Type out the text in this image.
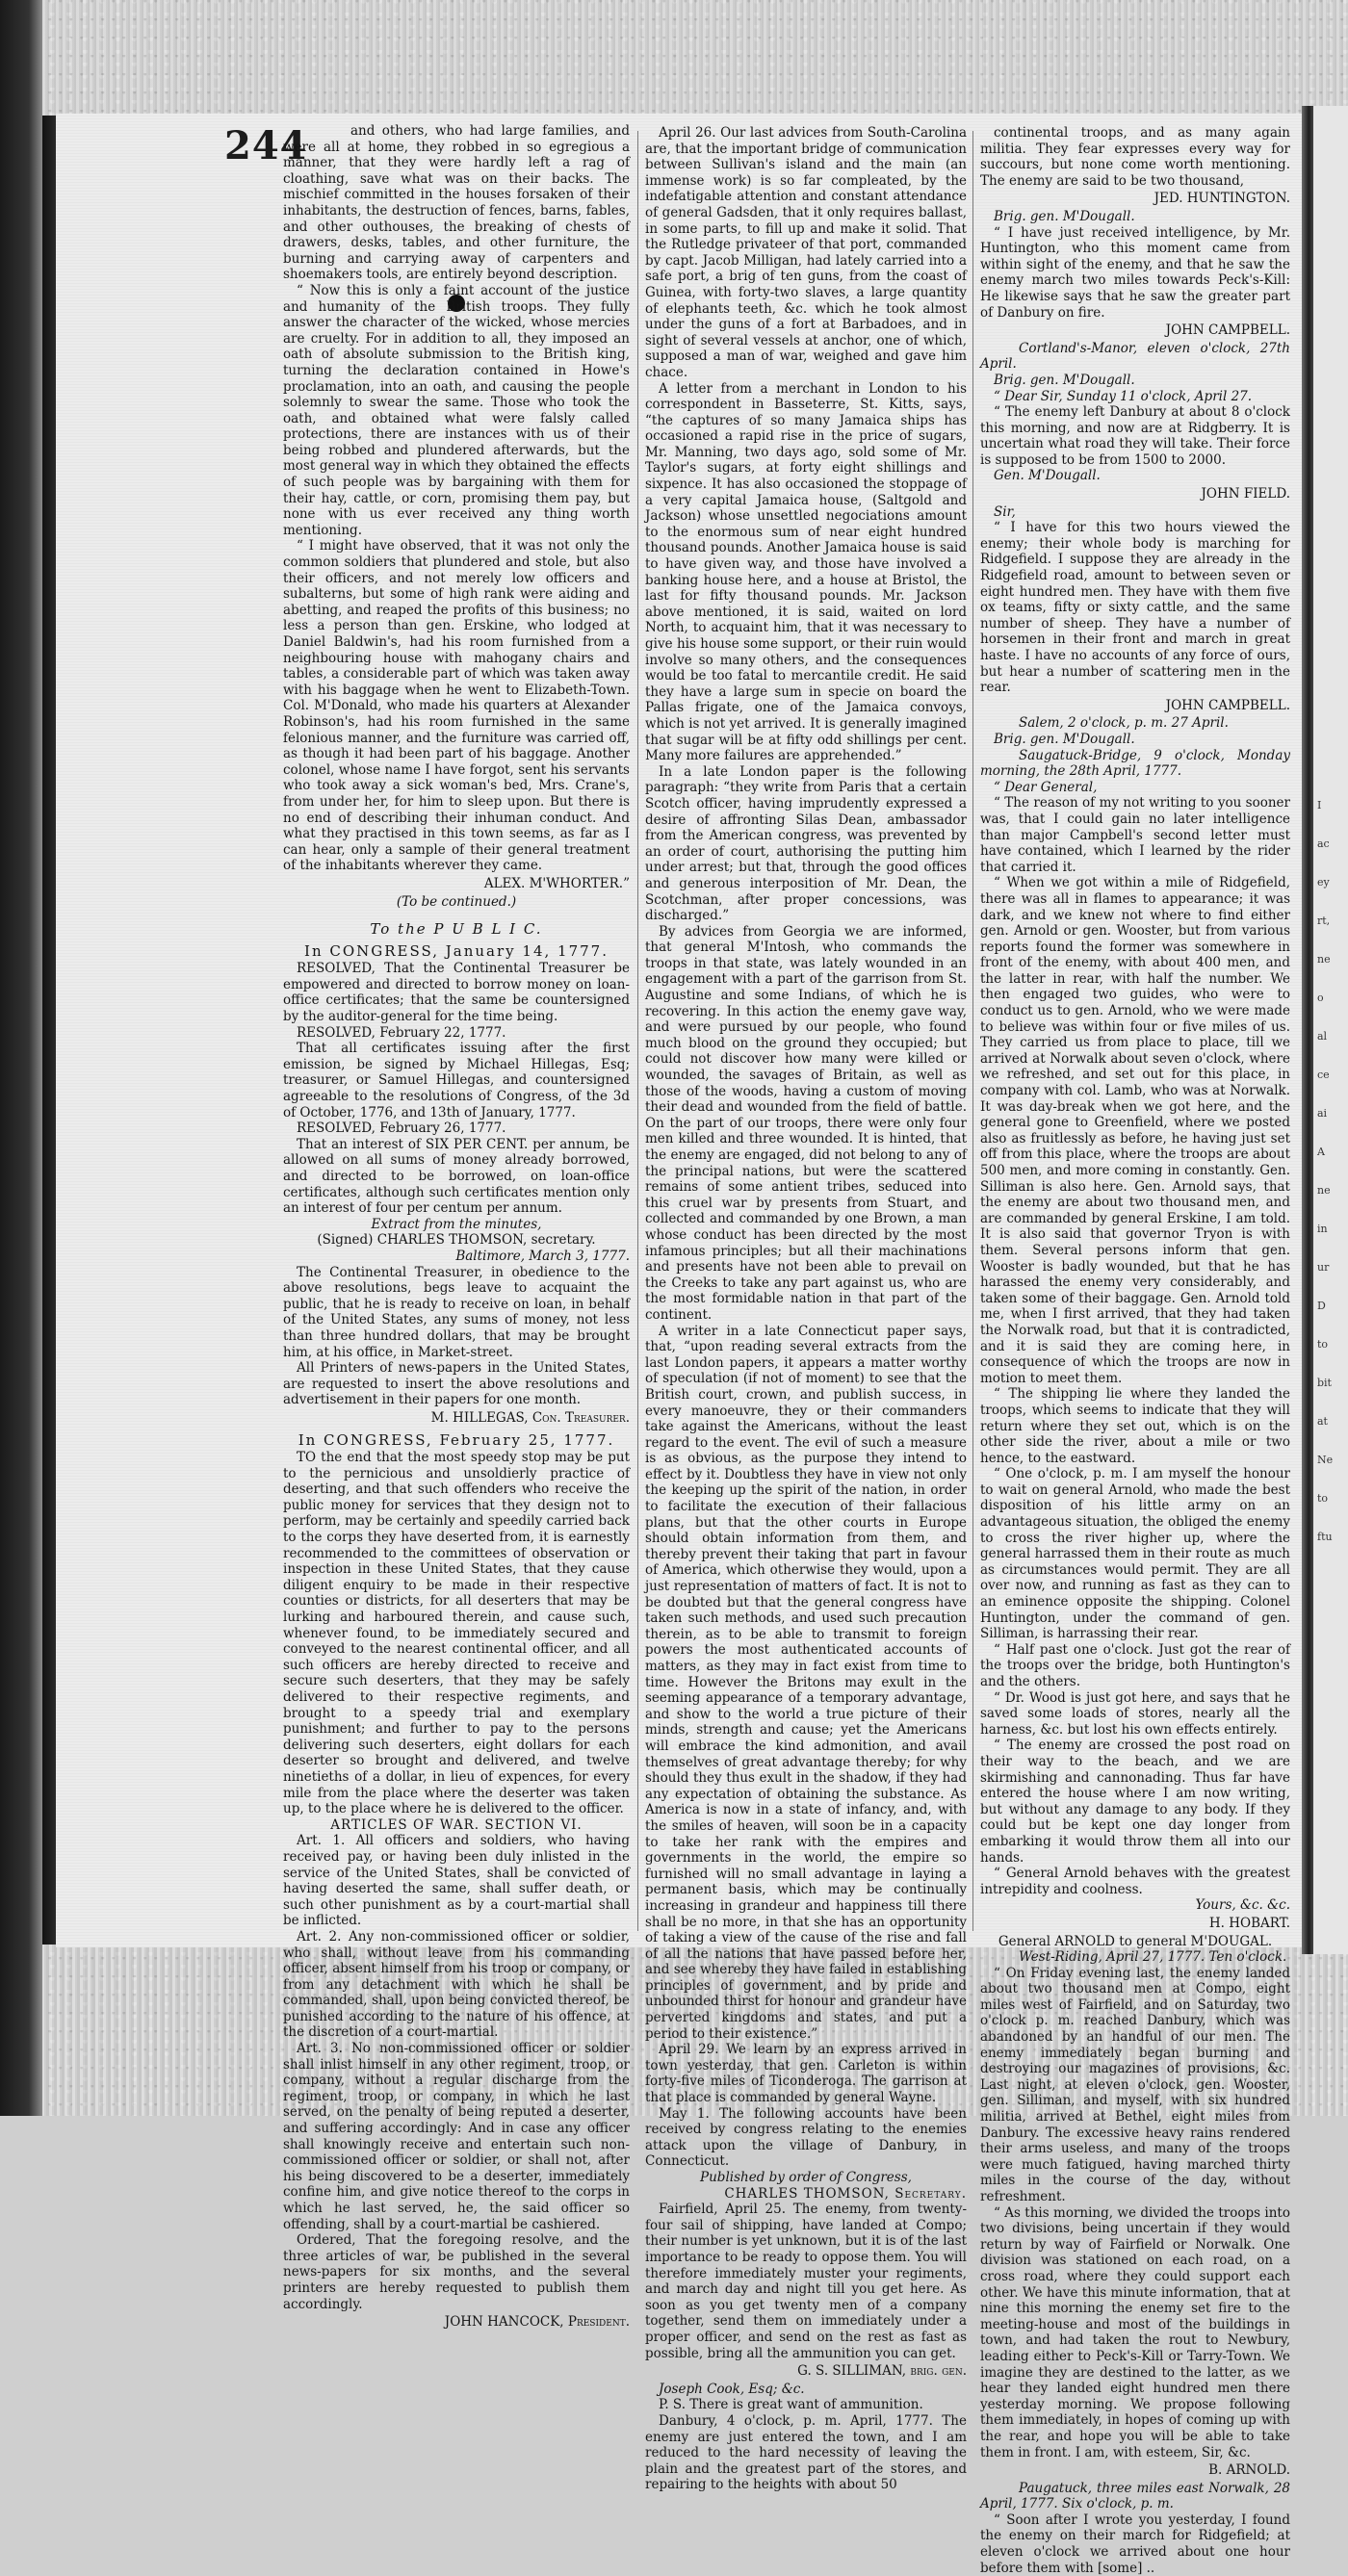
244	and others, who had large families, and were all at home, they robbed in so egregious a manner, that they were hardly left a rag of cloathing, save what was on their backs. The mischief committed in the houses forsaken of their inhabitants, the destruction of fences, barns, fables, and other outhouses, the breaking of chests of drawers, desks, tables, and other furniture, the burning and carrying away of carpenters and shoemakers tools, are entirely beyond description.

“ Now this is only a faint account of the justice and humanity of the British troops. They fully answer the character of the wicked, whose mercies are cruelty. For in addition to all, they imposed an oath of absolute submission to the British king, turning the declaration contained in Howe's proclamation, into an oath, and causing the people solemnly to swear the same. Those who took the oath, and obtained what were falsly called protections, there are instances with us of their being robbed and plundered afterwards, but the most general way in which they obtained the effects of such people was by bargaining with them for their hay, cattle, or corn, promising them pay, but none with us ever received any thing worth mentioning.

“ I might have observed, that it was not only the common soldiers that plundered and stole, but also their officers, and not merely low officers and subalterns, but some of high rank were aiding and abetting, and reaped the profits of this business; no less a person than gen. Erskine, who lodged at Daniel Baldwin's, had his room furnished from a neighbouring house with mahogany chairs and tables, a considerable part of which was taken away with his baggage when he went to Elizabeth-Town. Col. M'Donald, who made his quarters at Alexander Robinson's, had his room furnished in the same felonious manner, and the furniture was carried off, as though it had been part of his baggage. Another colonel, whose name I have forgot, sent his servants who took away a sick woman's bed, Mrs. Crane's, from under her, for him to sleep upon. But there is no end of describing their inhuman conduct. And what they practised in this town seems, as far as I can hear, only a sample of their general treatment of the inhabitants wherever they came.

ALEX. M'WHORTER.”

(To be continued.)

To the P U B L I C.

In CONGRESS, January 14, 1777.

RESOLVED, That the Continental Treasurer be empowered and directed to borrow money on loan-office certificates; that the same be countersigned by the auditor-general for the time being.

RESOLVED, February 22, 1777.

That all certificates issuing after the first emission, be signed by Michael Hillegas, Esq; treasurer, or Samuel Hillegas, and countersigned agreeable to the resolutions of Congress, of the 3d of October, 1776, and 13th of January, 1777.

RESOLVED, February 26, 1777.

That an interest of SIX PER CENT. per annum, be allowed on all sums of money already borrowed, and directed to be borrowed, on loan-office certificates, although such certificates mention only an interest of four per centum per annum.

Extract from the minutes,

(Signed) CHARLES THOMSON, secretary.

Baltimore, March 3, 1777.

The Continental Treasurer, in obedience to the above resolutions, begs leave to acquaint the public, that he is ready to receive on loan, in behalf of the United States, any sums of money, not less than three hundred dollars, that may be brought him, at his office, in Market-street.

All Printers of news-papers in the United States, are requested to insert the above resolutions and advertisement in their papers for one month.

M. HILLEGAS, Con. Treasurer.

In CONGRESS, February 25, 1777.

TO the end that the most speedy stop may be put to the pernicious and unsoldierly practice of deserting, and that such offenders who receive the public money for services that they design not to perform, may be certainly and speedily carried back to the corps they have deserted from, it is earnestly recommended to the committees of observation or inspection in these United States, that they cause diligent enquiry to be made in their respective counties or districts, for all deserters that may be lurking and harboured therein, and cause such, whenever found, to be immediately secured and conveyed to the nearest continental officer, and all such officers are hereby directed to receive and secure such deserters, that they may be safely delivered to their respective regiments, and brought to a speedy trial and exemplary punishment; and further to pay to the persons delivering such deserters, eight dollars for each deserter so brought and delivered, and twelve ninetieths of a dollar, in lieu of expences, for every mile from the place where the deserter was taken up, to the place where he is delivered to the officer.

ARTICLES OF WAR. SECTION VI.

Art. 1. All officers and soldiers, who having received pay, or having been duly inlisted in the service of the United States, shall be convicted of having deserted the same, shall suffer death, or such other punishment as by a court-martial shall be inflicted.

Art. 2. Any non-commissioned officer or soldier, who shall, without leave from his commanding officer, absent himself from his troop or company, or from any detachment with which he shall be commanded, shall, upon being convicted thereof, be punished according to the nature of his offence, at the discretion of a court-martial.

Art. 3. No non-commissioned officer or soldier shall inlist himself in any other regiment, troop, or company, without a regular discharge from the regiment, troop, or company, in which he last served, on the penalty of being reputed a deserter, and suffering accordingly: And in case any officer shall knowingly receive and entertain such non-commissioned officer or soldier, or shall not, after his being discovered to be a deserter, immediately confine him, and give notice thereof to the corps in which he last served, he, the said officer so offending, shall by a court-martial be cashiered.

Ordered, That the foregoing resolve, and the three articles of war, be published in the several news-papers for six months, and the several printers are hereby requested to publish them accordingly.

JOHN HANCOCK, President.

April 26. Our last advices from South-Carolina are, that the important bridge of communication between Sullivan's island and the main (an immense work) is so far compleated, by the indefatigable attention and constant attendance of general Gadsden, that it only requires ballast, in some parts, to fill up and make it solid. That the Rutledge privateer of that port, commanded by capt. Jacob Milligan, had lately carried into a safe port, a brig of ten guns, from the coast of Guinea, with forty-two slaves, a large quantity of elephants teeth, &c. which he took almost under the guns of a fort at Barbadoes, and in sight of several vessels at anchor, one of which, supposed a man of war, weighed and gave him chace.

A letter from a merchant in London to his correspondent in Basseterre, St. Kitts, says, “the captures of so many Jamaica ships has occasioned a rapid rise in the price of sugars, Mr. Manning, two days ago, sold some of Mr. Taylor's sugars, at forty eight shillings and sixpence. It has also occasioned the stoppage of a very capital Jamaica house, (Saltgold and Jackson) whose unsettled negociations amount to the enormous sum of near eight hundred thousand pounds. Another Jamaica house is said to have given way, and those have involved a banking house here, and a house at Bristol, the last for fifty thousand pounds. Mr. Jackson above mentioned, it is said, waited on lord North, to acquaint him, that it was necessary to give his house some support, or their ruin would involve so many others, and the consequences would be too fatal to mercantile credit. He said they have a large sum in specie on board the Pallas frigate, one of the Jamaica convoys, which is not yet arrived. It is generally imagined that sugar will be at fifty odd shillings per cent. Many more failures are apprehended.”

In a late London paper is the following paragraph: “they write from Paris that a certain Scotch officer, having imprudently expressed a desire of affronting Silas Dean, ambassador from the American congress, was prevented by an order of court, authorising the putting him under arrest; but that, through the good offices and generous interposition of Mr. Dean, the Scotchman, after proper concessions, was discharged.”

By advices from Georgia we are informed, that general M'Intosh, who commands the troops in that state, was lately wounded in an engagement with a part of the garrison from St. Augustine and some Indians, of which he is recovering. In this action the enemy gave way, and were pursued by our people, who found much blood on the ground they occupied; but could not discover how many were killed or wounded, the savages of Britain, as well as those of the woods, having a custom of moving their dead and wounded from the field of battle. On the part of our troops, there were only four men killed and three wounded. It is hinted, that the enemy are engaged, did not belong to any of the principal nations, but were the scattered remains of some antient tribes, seduced into this cruel war by presents from Stuart, and collected and commanded by one Brown, a man whose conduct has been directed by the most infamous principles; but all their machinations and presents have not been able to prevail on the Creeks to take any part against us, who are the most formidable nation in that part of the continent.

A writer in a late Connecticut paper says, that, “upon reading several extracts from the last London papers, it appears a matter worthy of speculation (if not of moment) to see that the British court, crown, and publish success, in every manoeuvre, they or their commanders take against the Americans, without the least regard to the event. The evil of such a measure is as obvious, as the purpose they intend to effect by it. Doubtless they have in view not only the keeping up the spirit of the nation, in order to facilitate the execution of their fallacious plans, but that the other courts in Europe should obtain information from them, and thereby prevent their taking that part in favour of America, which otherwise they would, upon a just representation of matters of fact. It is not to be doubted but that the general congress have taken such methods, and used such precaution therein, as to be able to transmit to foreign powers the most authenticated accounts of matters, as they may in fact exist from time to time. However the Britons may exult in the seeming appearance of a temporary advantage, and show to the world a true picture of their minds, strength and cause; yet the Americans will embrace the kind admonition, and avail themselves of great advantage thereby; for why should they thus exult in the shadow, if they had any expectation of obtaining the substance. As America is now in a state of infancy, and, with the smiles of heaven, will soon be in a capacity to take her rank with the empires and governments in the world, the empire so furnished will no small advantage in laying a permanent basis, which may be continually increasing in grandeur and happiness till there shall be no more, in that she has an opportunity of taking a view of the cause of the rise and fall of all the nations that have passed before her, and see whereby they have failed in establishing principles of government, and by pride and unbounded thirst for honour and grandeur have perverted kingdoms and states, and put a period to their existence.”

April 29. We learn by an express arrived in town yesterday, that gen. Carleton is within forty-five miles of Ticonderoga. The garrison at that place is commanded by general Wayne.

May 1. The following accounts have been received by congress relating to the enemies attack upon the village of Danbury, in Connecticut.

Published by order of Congress,

CHARLES THOMSON, Secretary.

Fairfield, April 25. The enemy, from twenty-four sail of shipping, have landed at Compo; their number is yet unknown, but it is of the last importance to be ready to oppose them. You will therefore immediately muster your regiments, and march day and night till you get here. As soon as you get twenty men of a company together, send them on immediately under a proper officer, and send on the rest as fast as possible, bring all the ammunition you can get.

G. S. SILLIMAN, brig. gen.

Joseph Cook, Esq; &c.

P. S. There is great want of ammunition.

Danbury, 4 o'clock, p. m. April, 1777. The enemy are just entered the town, and I am reduced to the hard necessity of leaving the plain and the greatest part of the stores, and repairing to the heights with about 50

continental troops, and as many again militia. They fear expresses every way for succours, but none come worth mentioning. The enemy are said to be two thousand,

JED. HUNTINGTON.

Brig. gen. M'Dougall.

“ I have just received intelligence, by Mr. Huntington, who this moment came from within sight of the enemy, and that he saw the enemy march two miles towards Peck's-Kill: He likewise says that he saw the greater part of Danbury on fire.

JOHN CAMPBELL.

Cortland's-Manor, eleven o'clock, 27th April.

Brig. gen. M'Dougall.

“ Dear Sir, Sunday 11 o'clock, April 27.

“ The enemy left Danbury at about 8 o'clock this morning, and now are at Ridgberry. It is uncertain what road they will take. Their force is supposed to be from 1500 to 2000.

Gen. M'Dougall.

JOHN FIELD.

Sir,

“ I have for this two hours viewed the enemy; their whole body is marching for Ridgefield. I suppose they are already in the Ridgefield road, amount to between seven or eight hundred men. They have with them five ox teams, fifty or sixty cattle, and the same number of sheep. They have a number of horsemen in their front and march in great haste. I have no accounts of any force of ours, but hear a number of scattering men in the rear.

JOHN CAMPBELL.

Salem, 2 o'clock, p. m. 27 April.

Brig. gen. M'Dougall.

Saugatuck-Bridge, 9 o'clock, Monday morning, the 28th April, 1777.

“ Dear General,

“ The reason of my not writing to you sooner was, that I could gain no later intelligence than major Campbell's second letter must have contained, which I learned by the rider that carried it.

“ When we got within a mile of Ridgefield, there was all in flames to appearance; it was dark, and we knew not where to find either gen. Arnold or gen. Wooster, but from various reports found the former was somewhere in front of the enemy, with about 400 men, and the latter in rear, with half the number. We then engaged two guides, who were to conduct us to gen. Arnold, who we were made to believe was within four or five miles of us. They carried us from place to place, till we arrived at Norwalk about seven o'clock, where we refreshed, and set out for this place, in company with col. Lamb, who was at Norwalk. It was day-break when we got here, and the general gone to Greenfield, where we posted also as fruitlessly as before, he having just set off from this place, where the troops are about 500 men, and more coming in constantly. Gen. Silliman is also here. Gen. Arnold says, that the enemy are about two thousand men, and are commanded by general Erskine, I am told. It is also said that governor Tryon is with them. Several persons inform that gen. Wooster is badly wounded, but that he has harassed the enemy very considerably, and taken some of their baggage. Gen. Arnold told me, when I first arrived, that they had taken the Norwalk road, but that it is contradicted, and it is said they are coming here, in consequence of which the troops are now in motion to meet them.

“ The shipping lie where they landed the troops, which seems to indicate that they will return where they set out, which is on the other side the river, about a mile or two hence, to the eastward.

“ One o'clock, p. m. I am myself the honour to wait on general Arnold, who made the best disposition of his little army on an advantageous situation, the obliged the enemy to cross the river higher up, where the general harrassed them in their route as much as circumstances would permit. They are all over now, and running as fast as they can to an eminence opposite the shipping. Colonel Huntington, under the command of gen. Silliman, is harrassing their rear.

“ Half past one o'clock. Just got the rear of the troops over the bridge, both Huntington's and the others.

“ Dr. Wood is just got here, and says that he saved some loads of stores, nearly all the harness, &c. but lost his own effects entirely.

“ The enemy are crossed the post road on their way to the beach, and we are skirmishing and cannonading. Thus far have entered the house where I am now writing, but without any damage to any body. If they could but be kept one day longer from embarking it would throw them all into our hands.

“ General Arnold behaves with the greatest intrepidity and coolness.

Yours, &c. &c.

H. HOBART.

General ARNOLD to general M'DOUGAL.

West-Riding, April 27, 1777. Ten o'clock.

“ On Friday evening last, the enemy landed about two thousand men at Compo, eight miles west of Fairfield, and on Saturday, two o'clock p. m. reached Danbury, which was abandoned by an handful of our men. The enemy immediately began burning and destroying our magazines of provisions, &c. Last night, at eleven o'clock, gen. Wooster, gen. Silliman, and myself, with six hundred militia, arrived at Bethel, eight miles from Danbury. The excessive heavy rains rendered their arms useless, and many of the troops were much fatigued, having marched thirty miles in the course of the day, without refreshment.

“ As this morning, we divided the troops into two divisions, being uncertain if they would return by way of Fairfield or Norwalk. One division was stationed on each road, on a cross road, where they could support each other. We have this minute information, that at nine this morning the enemy set fire to the meeting-house and most of the buildings in town, and had taken the rout to Newbury, leading either to Peck's-Kill or Tarry-Town. We imagine they are destined to the latter, as we hear they landed eight hundred men there yesterday morning. We propose following them immediately, in hopes of coming up with the rear, and hope you will be able to take them in front. I am, with esteem, Sir, &c.

B. ARNOLD.

Paugatuck, three miles east Norwalk, 28 April, 1777. Six o'clock, p. m.

“ Soon after I wrote you yesterday, I found the enemy on their march for Ridgefield; at eleven o'clock we arrived about one hour before them with [some] ..

I
ac
ey
rt,
ne
o
al
ce
ai
A
ne
in
ur
D
to
bit
at
Ne
to
ftu
